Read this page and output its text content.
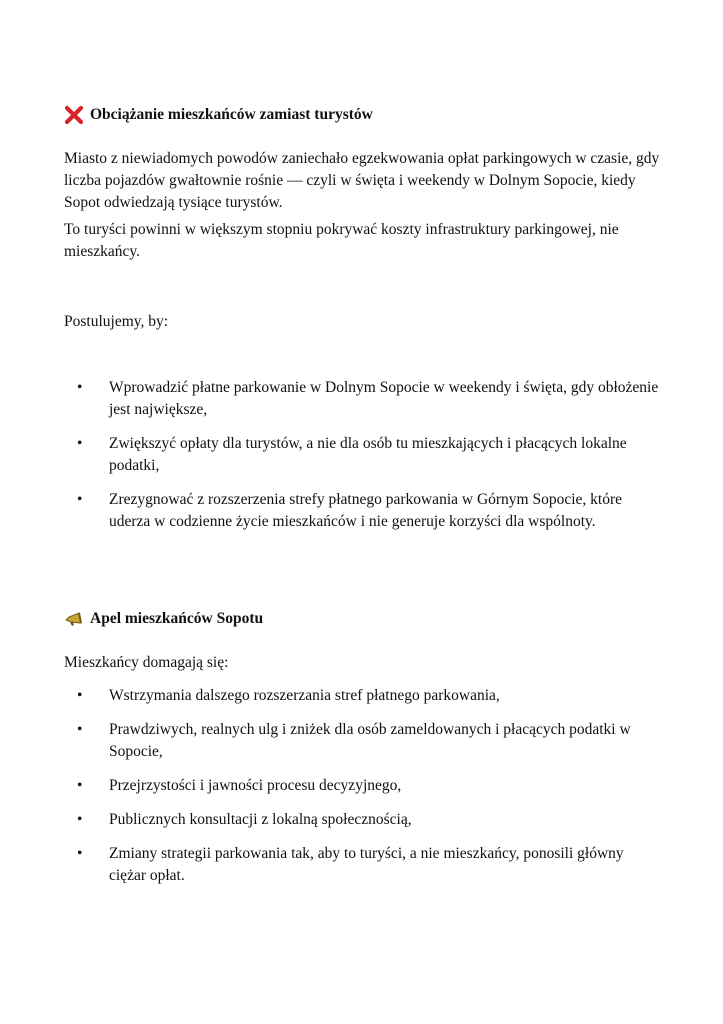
Obciążanie mieszkańców zamiast turystów

Miasto z niewiadomych powodów zaniechało egzekwowania opłat parkingowych w czasie, gdy liczba pojazdów gwałtownie rośnie — czyli w święta i weekendy w Dolnym Sopocie, kiedy Sopot odwiedzają tysiące turystów.

To turyści powinni w większym stopniu pokrywać koszty infrastruktury parkingowej, nie mieszkańcy.

Postulujemy, by:

• Wprowadzić płatne parkowanie w Dolnym Sopocie w weekendy i święta, gdy obłożenie jest największe,
• Zwiększyć opłaty dla turystów, a nie dla osób tu mieszkających i płacących lokalne podatki,
• Zrezygnować z rozszerzenia strefy płatnego parkowania w Górnym Sopocie, które uderza w codzienne życie mieszkańców i nie generuje korzyści dla wspólnoty.
Apel mieszkańców Sopotu

Mieszkańcy domagają się:

• Wstrzymania dalszego rozszerzania stref płatnego parkowania,
• Prawdziwych, realnych ulg i zniżek dla osób zameldowanych i płacących podatki w Sopocie,
• Przejrzystości i jawności procesu decyzyjnego,
• Publicznych konsultacji z lokalną społecznością,
• Zmiany strategii parkowania tak, aby to turyści, a nie mieszkańcy, ponosili główny ciężar opłat.
